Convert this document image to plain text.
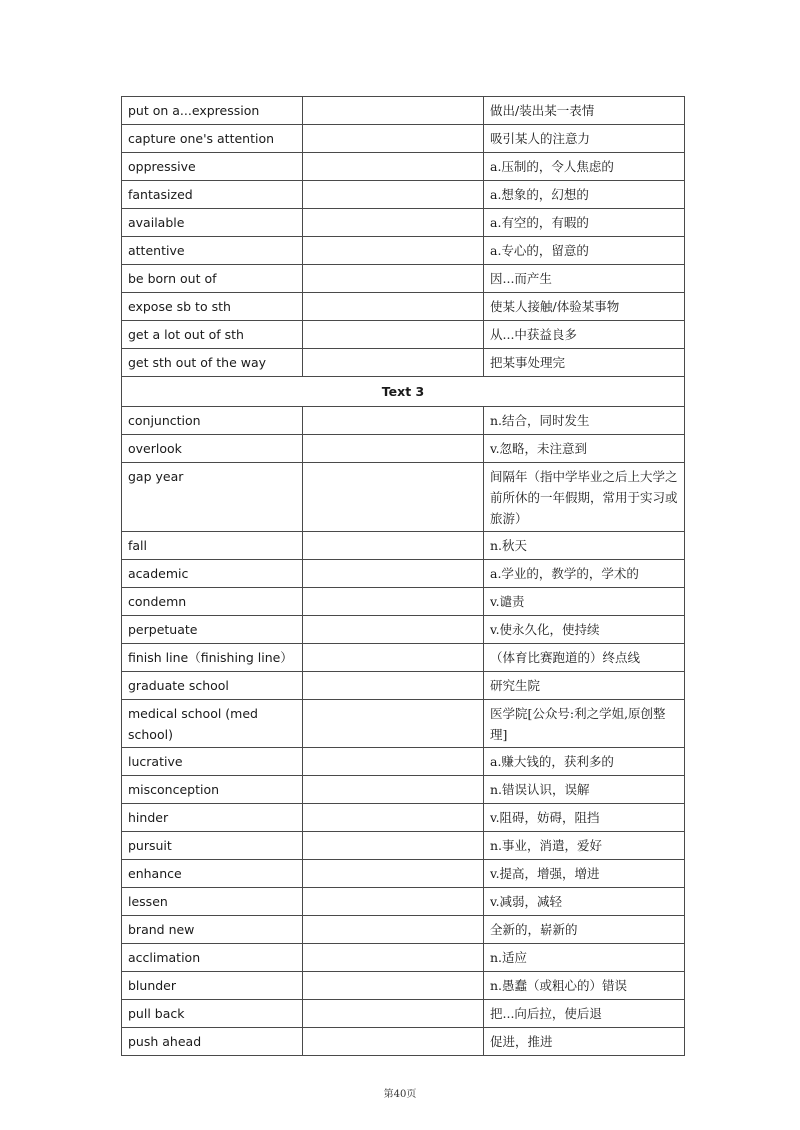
put on a...expression		做出/装出某一表情
capture one's attention		吸引某人的注意力
oppressive		a.压制的，令人焦虑的
fantasized		a.想象的，幻想的
available		a.有空的，有暇的
attentive		a.专心的，留意的
be born out of		因...而产生
expose sb to sth		使某人接触/体验某事物
get a lot out of sth		从...中获益良多
get sth out of the way		把某事处理完
Text 3		
conjunction		n.结合，同时发生
overlook		v.忽略，未注意到
gap year		间隔年（指中学毕业之后上大学之前所休的一年假期，常用于实习或旅游）
fall		n.秋天
academic		a.学业的，教学的，学术的
condemn		v.谴责
perpetuate		v.使永久化，使持续
finish line（finishing line）		（体育比赛跑道的）终点线
graduate school		研究生院
medical school (med school)		医学院[公众号:利之学姐,原创整理]
lucrative		a.赚大钱的，获利多的
misconception		n.错误认识，误解
hinder		v.阻碍，妨碍，阻挡
pursuit		n.事业，消遣，爱好
enhance		v.提高，增强，增进
lessen		v.减弱，减轻
brand new		全新的，崭新的
acclimation		n.适应
blunder		n.愚蠢（或粗心的）错误
pull back		把...向后拉，使后退
push ahead		促进，推进
第40页
